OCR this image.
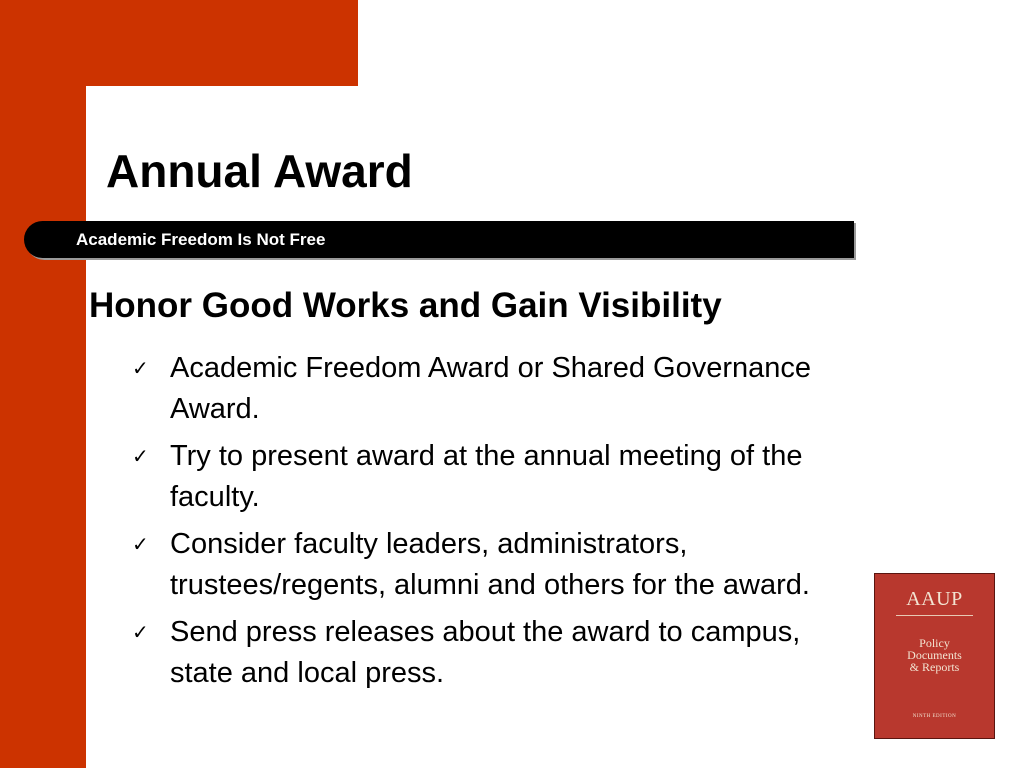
Annual Award
Academic Freedom Is Not Free
Honor Good Works and Gain Visibility
✓ Academic Freedom Award or Shared Governance Award.
✓ Try to present award at the annual meeting of the faculty.
✓ Consider faculty leaders, administrators, trustees/regents, alumni and others for the award.
✓ Send press releases about the award to campus, state and local press.
AAUP
Policy
Documents
& Reports
NINTH EDITION
